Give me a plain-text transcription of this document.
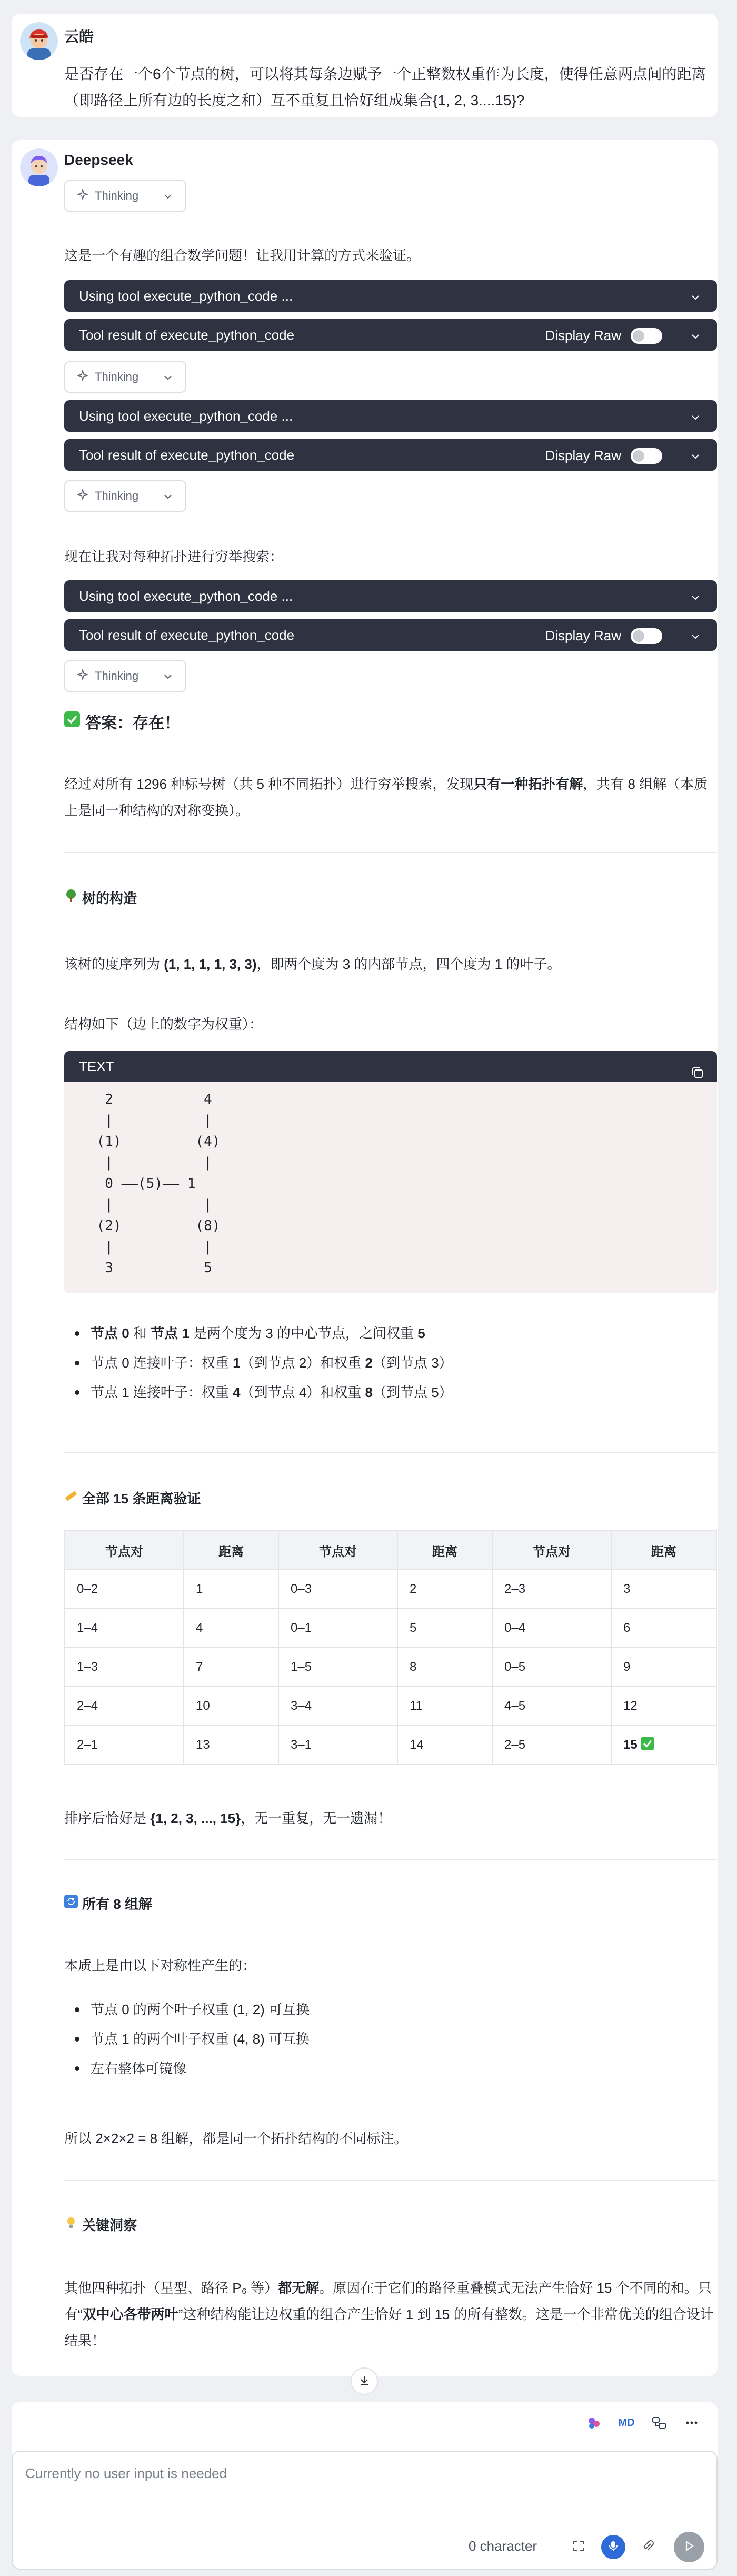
云皓
是否存在一个6个节点的树，可以将其每条边赋予一个正整数权重作为长度，使得任意两点间的距离（即路径上所有边的长度之和）互不重复且恰好组成集合{1, 2, 3....15}?
Deepseek
Thinking
这是一个有趣的组合数学问题！让我用计算的方式来验证。
Using tool execute_python_code ...
Tool result of execute_python_code	Display Raw
Thinking
Using tool execute_python_code ...
Tool result of execute_python_code	Display Raw
Thinking
现在让我对每种拓扑进行穷举搜索：
Using tool execute_python_code ...
Tool result of execute_python_code	Display Raw
Thinking
答案：存在！
经过对所有 1296 种标号树（共 5 种不同拓扑）进行穷举搜索，发现只有一种拓扑有解，共有 8 组解（本质上是同一种结构的对称变换）。
树的构造
该树的度序列为 (1, 1, 1, 1, 3, 3)，即两个度为 3 的内部节点，四个度为 1 的叶子。
结构如下（边上的数字为权重）：
TEXT
2           4
|           |
(1)         (4)
|           |
0 ——(5)—— 1
|           |
(2)         (8)
|           |
3           5
节点 0 和 节点 1 是两个度为 3 的中心节点，之间权重 5
节点 0 连接叶子：权重 1（到节点 2）和权重 2（到节点 3）
节点 1 连接叶子：权重 4（到节点 4）和权重 8（到节点 5）
全部 15 条距离验证
节点对	距离	节点对	距离	节点对	距离
0–2	1	0–3	2	2–3	3
1–4	4	0–1	5	0–4	6
1–3	7	1–5	8	0–5	9
2–4	10	3–4	11	4–5	12
2–1	13	3–1	14	2–5	15
排序后恰好是 {1, 2, 3, ..., 15}，无一重复，无一遗漏！
所有 8 组解
本质上是由以下对称性产生的：
节点 0 的两个叶子权重 (1, 2) 可互换
节点 1 的两个叶子权重 (4, 8) 可互换
左右整体可镜像
所以 2×2×2 = 8 组解，都是同一个拓扑结构的不同标注。
关键洞察
其他四种拓扑（星型、路径 P₆ 等）都无解。原因在于它们的路径重叠模式无法产生恰好 15 个不同的和。只有“双中心各带两叶”这种结构能让边权重的组合产生恰好 1 到 15 的所有整数。这是一个非常优美的组合设计结果！
MD
Currently no user input is needed
0 character
